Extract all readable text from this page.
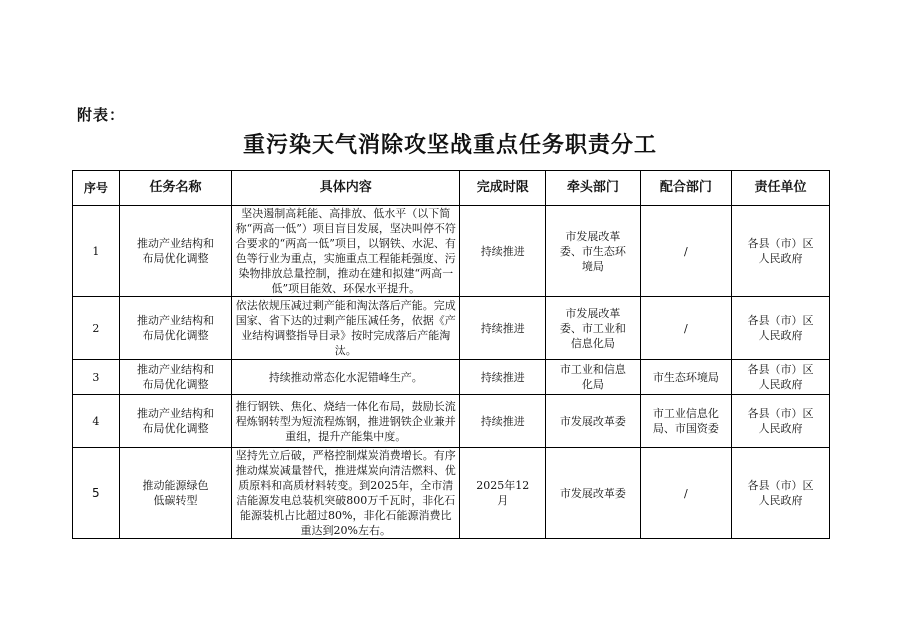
附表：
重污染天气消除攻坚战重点任务职责分工
序号	任务名称	具体内容	完成时限	牵头部门	配合部门	责任单位
1	推动产业结构和布局优化调整	坚决遏制高耗能、高排放、低水平（以下简称“两高一低”）项目盲目发展，坚决叫停不符合要求的“两高一低”项目，以钢铁、水泥、有色等行业为重点，实施重点工程能耗强度、污染物排放总量控制，推动在建和拟建“两高一低”项目能效、环保水平提升。	持续推进	市发展改革委、市生态环境局	/	各县（市）区人民政府
2	推动产业结构和布局优化调整	依法依规压减过剩产能和淘汰落后产能。完成国家、省下达的过剩产能压减任务，依据《产业结构调整指导目录》按时完成落后产能淘汰。	持续推进	市发展改革委、市工业和信息化局	/	各县（市）区人民政府
3	推动产业结构和布局优化调整	持续推动常态化水泥错峰生产。	持续推进	市工业和信息化局	市生态环境局	各县（市）区人民政府
4	推动产业结构和布局优化调整	推行钢铁、焦化、烧结一体化布局，鼓励长流程炼钢转型为短流程炼钢，推进钢铁企业兼并重组，提升产能集中度。	持续推进	市发展改革委	市工业信息化局、市国资委	各县（市）区人民政府
5	推动能源绿色低碳转型	坚持先立后破，严格控制煤炭消费增长。有序推动煤炭减量替代，推进煤炭向清洁燃料、优质原料和高质材料转变。到2025年，全市清洁能源发电总装机突破800万千瓦时，非化石能源装机占比超过80%，非化石能源消费比重达到20%左右。	2025年12月	市发展改革委	/	各县（市）区人民政府
